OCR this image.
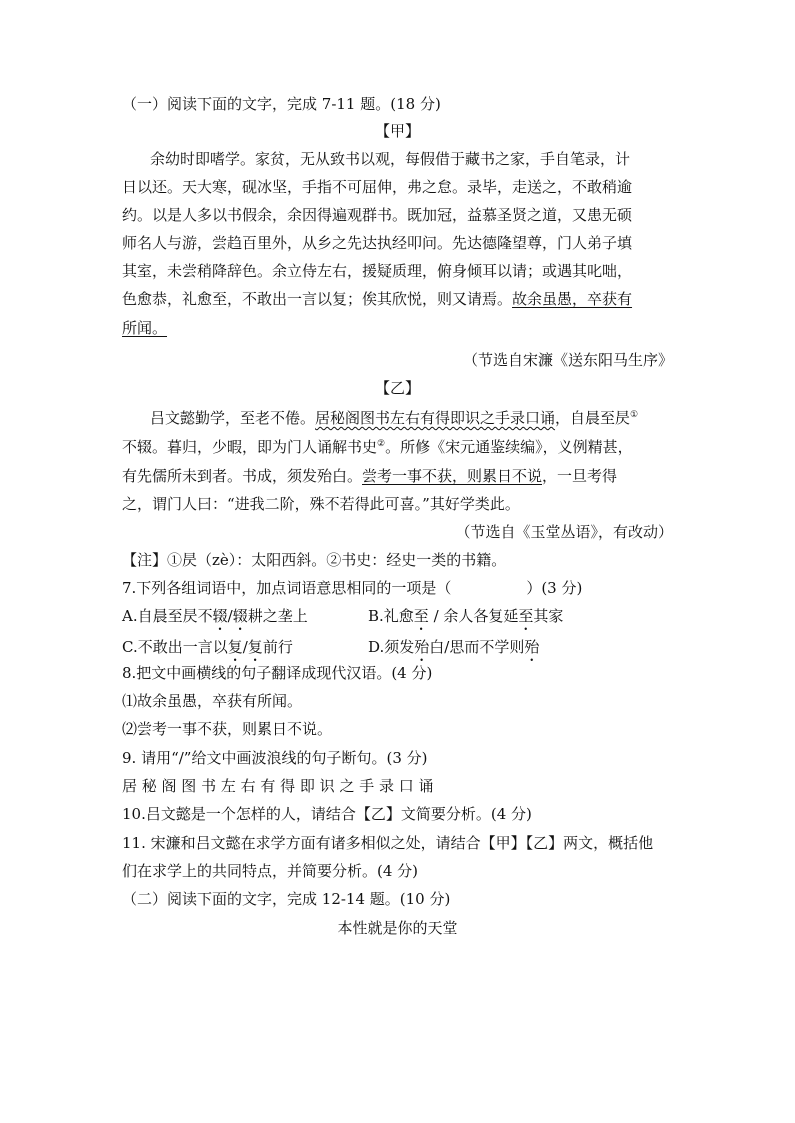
（一）阅读下面的文字，完成 7-11 题。(18 分)
【甲】
余幼时即嗜学。家贫，无从致书以观，每假借于藏书之家，手自笔录，计
日以还。天大寒，砚冰坚，手指不可屈伸，弗之怠。录毕，走送之，不敢稍逾
约。以是人多以书假余，余因得遍观群书。既加冠，益慕圣贤之道，又患无硕
师名人与游，尝趋百里外，从乡之先达执经叩问。先达德隆望尊，门人弟子填
其室，未尝稍降辞色。余立侍左右，援疑质理，俯身倾耳以请；或遇其叱咄，
色愈恭，礼愈至，不敢出一言以复；俟其欣悦，则又请焉。故余虽愚，卒获有
所闻。
（节选自宋濂《送东阳马生序》
【乙】
吕文懿勤学，至老不倦。居秘阁图书左右有得即识之手录口诵，自晨至昃①
不辍。暮归，少暇，即为门人诵解书史②。所修《宋元通鉴续编》，义例精甚，
有先儒所未到者。书成，须发殆白。尝考一事不获，则累日不说，一旦考得
之，谓门人曰：“进我二阶，殊不若得此可喜。”其好学类此。
（节选自《玉堂丛语》，有改动）
【注】①昃（zè）：太阳西斜。②书史：经史一类的书籍。
7.下列各组词语中，加点词语意思相同的一项是（　　　　　）(3 分)
A.自晨至昃不辍/辍耕之垄上	B.礼愈至 / 余人各复延至其家
C.不敢出一言以复/复前行	D.须发殆白/思而不学则殆
8.把文中画横线的句子翻译成现代汉语。(4 分)
⑴故余虽愚，卒获有所闻。
⑵尝考一事不获，则累日不说。
9. 请用“/”给文中画波浪线的句子断句。(3 分)
居 秘 阁 图 书 左 右 有 得 即 识 之 手 录 口 诵
10.吕文懿是一个怎样的人，请结合【乙】文简要分析。(4 分)
11. 宋濂和吕文懿在求学方面有诸多相似之处，请结合【甲】【乙】两文，概括他
们在求学上的共同特点，并简要分析。(4 分)
（二）阅读下面的文字，完成 12-14 题。(10 分)
本性就是你的天堂
